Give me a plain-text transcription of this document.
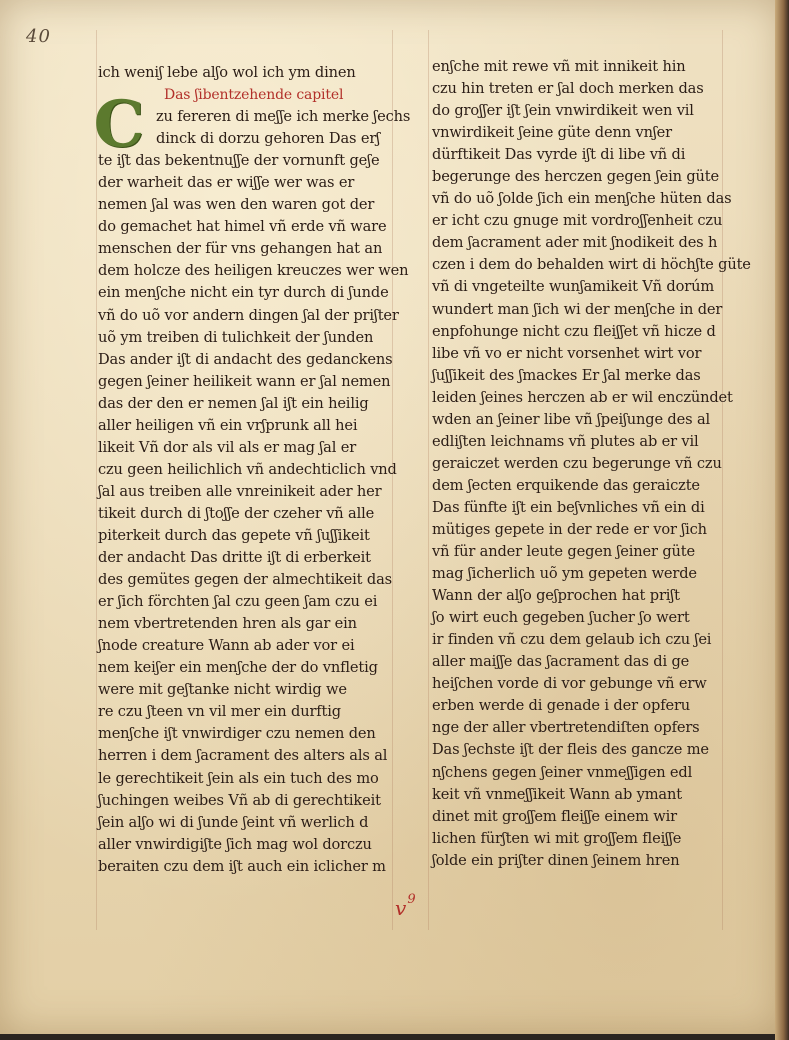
40
C
ich weniʃ lebe alʃo wol ich ym dinen
Das ʃibentzehende capitel
zu fereren di meʃʃe ich merke ʃechs
dinck di dorzu gehoren Das erʃ
te iʃt das bekentnuʃʃe der vornunft geʃe
der warheit das er wiʃʃe wer was er
nemen ʃal was wen den waren got der
do gemachet hat himel vñ erde vñ ware
menschen der für vns gehangen hat an
dem holcze des heiligen kreuczes wer wen
ein menʃche nicht ein tyr durch di ʃunde
vñ do uõ vor andern dingen ʃal der priʃter
uõ ym treiben di tulichkeit der ʃunden
Das ander iʃt di andacht des gedanckens
gegen ʃeiner heilikeit wann er ʃal nemen
das der den er nemen ʃal iʃt ein heilig
aller heiligen vñ ein vrʃprunk all hei
likeit Vñ dor als vil als er mag ʃal er
czu geen heilichlich vñ andechticlich vnd
ʃal aus treiben alle vnreinikeit ader her
tikeit durch di ʃtoʃʃe der czeher vñ alle
piterkeit durch das gepete vñ ʃuʃʃikeit
der andacht Das dritte iʃt di erberkeit
des gemütes gegen der almechtikeit das
er ʃich förchten ʃal czu geen ʃam czu ei
nem vbertretenden hren als gar ein
ʃnode creature Wann ab ader vor ei
nem keiʃer ein menʃche der do vnfletig
were mit geʃtanke nicht wirdig we
re czu ʃteen vn vil mer ein durftig
menʃche iʃt vnwirdiger czu nemen den
herren i dem ʃacrament des alters als al
le gerechtikeit ʃein als ein tuch des mo
ʃuchingen weibes Vñ ab di gerechtikeit
ʃein alʃo wi di ʃunde ʃeint vñ werlich d
aller vnwirdigiʃte ʃich mag wol dorczu
beraiten czu dem iʃt auch ein iclicher m
enʃche mit rewe vñ mit innikeit hin
czu hin treten er ʃal doch merken das
do groʃʃer iʃt ʃein vnwirdikeit wen vil
vnwirdikeit ʃeine güte denn vnʃer
dürftikeit Das vyrde iʃt di libe vñ di
begerunge des herczen gegen ʃein güte
vñ do uõ ʃolde ʃich ein menʃche hüten das
er icht czu gnuge mit vordroʃʃenheit czu
dem ʃacrament ader mit ʃnodikeit des h
czen i dem do behalden wirt di höchʃte güte
vñ di vngeteilte wunʃamikeit Vñ dorúm
wundert man ʃich wi der menʃche in der
enpfohunge nicht czu fleiʃʃet vñ hicze d
libe vñ vo er nicht vorsenhet wirt vor
ʃuʃʃikeit des ʃmackes Er ʃal merke das
leiden ʃeines herczen ab er wil enczündet
wden an ʃeiner libe vñ ʃpeiʃunge des al
edliʃten leichnams vñ plutes ab er vil
geraiczet werden czu begerunge vñ czu
dem ʃecten erquikende das geraiczte
Das fünfte iʃt ein beʃvnliches vñ ein di
mütiges gepete in der rede er vor ʃich
vñ für ander leute gegen ʃeiner güte
mag ʃicherlich uõ ym gepeten werde
Wann der alʃo geʃprochen hat priʃt
ʃo wirt euch gegeben ʃucher ʃo wert
ir finden vñ czu dem gelaub ich czu ʃei
aller maiʃʃe das ʃacrament das di ge
heiʃchen vorde di vor gebunge vñ erw
erben werde di genade i der opferu
nge der aller vbertretendiſten opfers
Das ʃechste iʃt der fleis des gancze me
nʃchens gegen ʃeiner vnmeʃʃigen edl
keit vñ vnmeʃʃikeit Wann ab ymant
dinet mit groʃʃem fleiʃʃe einem wir
lichen fürʃten wi mit groʃʃem fleiʃʃe
ʃolde ein priʃter dinen ʃeinem hren
$v^9$
